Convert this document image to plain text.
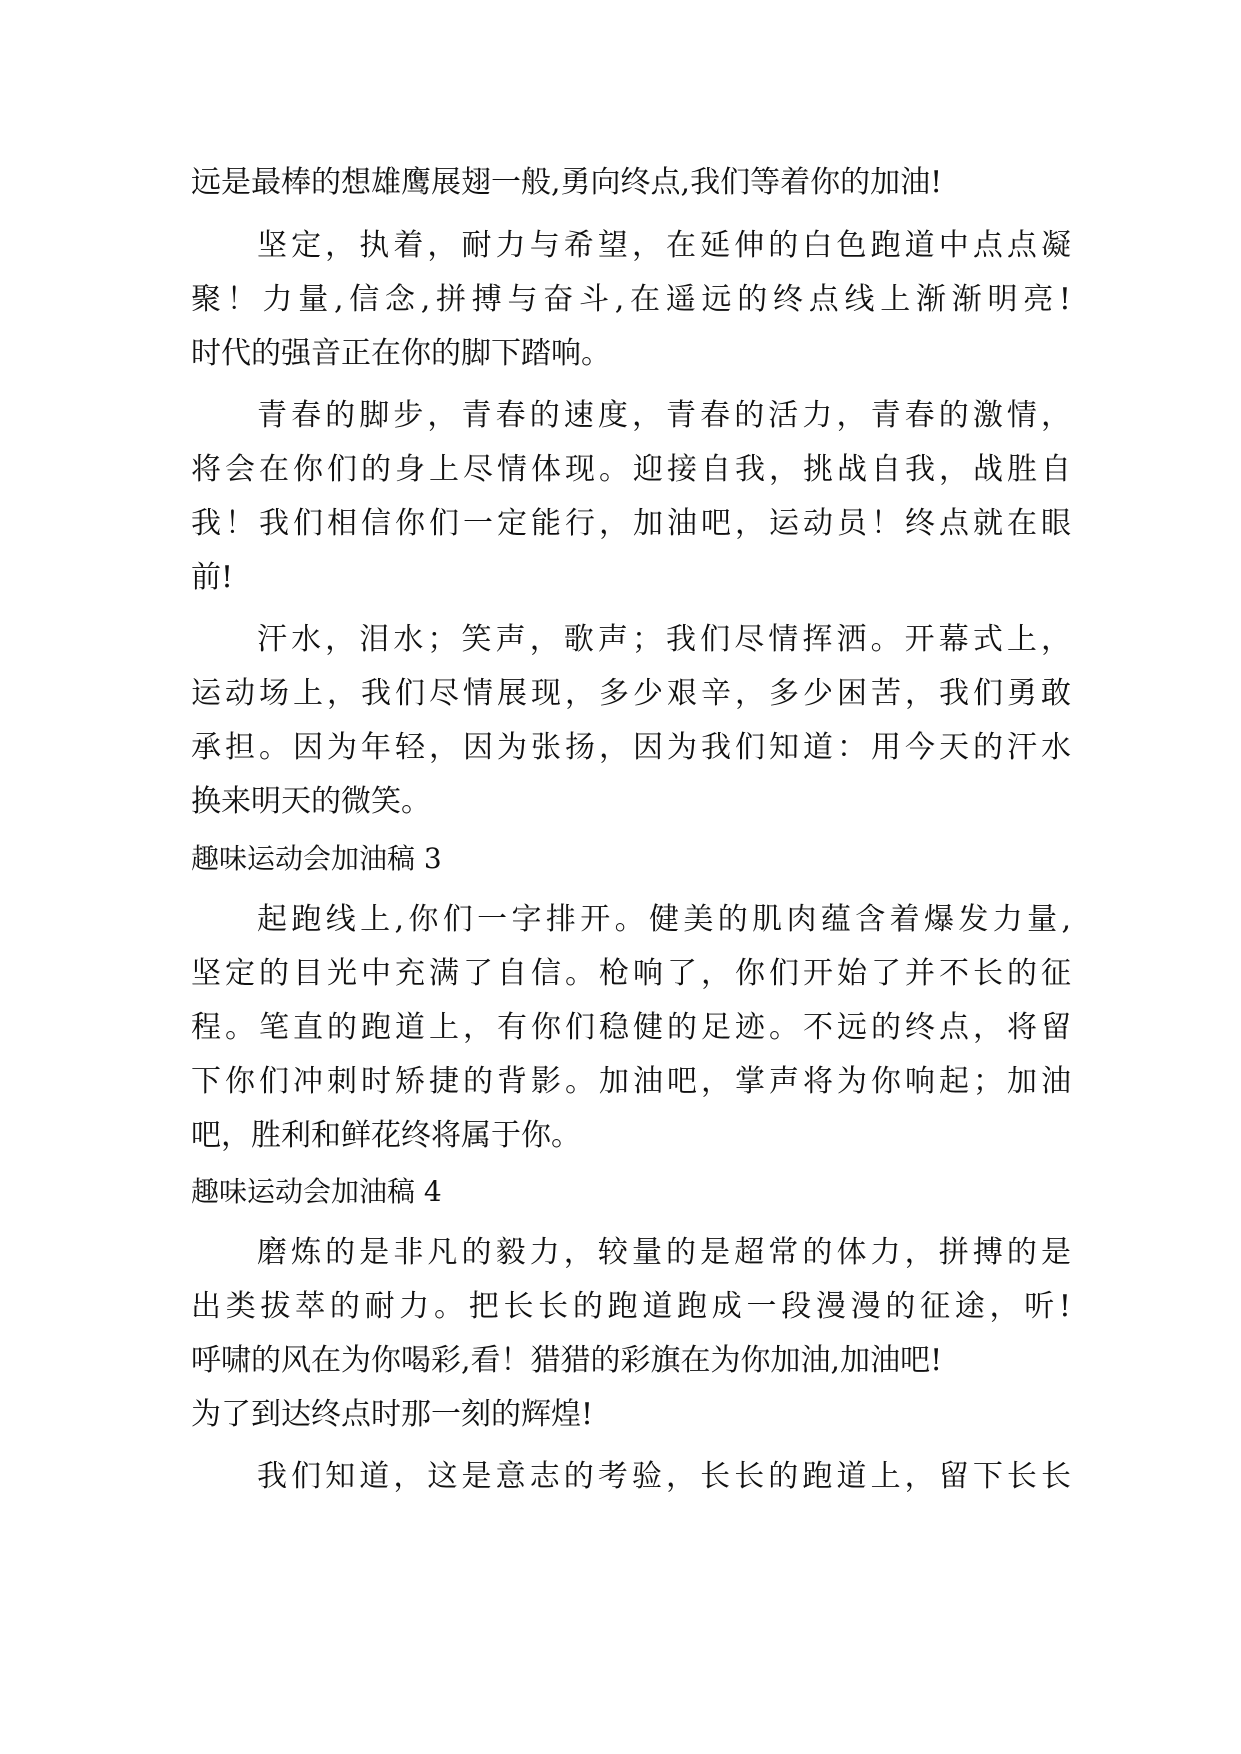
远是最棒的想雄鹰展翅一般,勇向终点,我们等着你的加油!
坚定，执着，耐力与希望，在延伸的白色跑道中点点凝
聚！力量,信念,拼搏与奋斗,在遥远的终点线上渐渐明亮!
时代的强音正在你的脚下踏响。
青春的脚步，青春的速度，青春的活力，青春的激情，
将会在你们的身上尽情体现。迎接自我，挑战自我，战胜自
我！我们相信你们一定能行，加油吧，运动员！终点就在眼
前!
汗水，泪水；笑声，歌声；我们尽情挥洒。开幕式上，
运动场上，我们尽情展现，多少艰辛，多少困苦，我们勇敢
承担。因为年轻，因为张扬，因为我们知道：用今天的汗水
换来明天的微笑。
趣味运动会加油稿 3
起跑线上,你们一字排开。健美的肌肉蕴含着爆发力量,
坚定的目光中充满了自信。枪响了，你们开始了并不长的征
程。笔直的跑道上，有你们稳健的足迹。不远的终点，将留
下你们冲刺时矫捷的背影。加油吧，掌声将为你响起；加油
吧，胜利和鲜花终将属于你。
趣味运动会加油稿 4
磨炼的是非凡的毅力，较量的是超常的体力，拼搏的是
出类拔萃的耐力。把长长的跑道跑成一段漫漫的征途，听!
呼啸的风在为你喝彩,看！猎猎的彩旗在为你加油,加油吧!
为了到达终点时那一刻的辉煌!
我们知道，这是意志的考验，长长的跑道上，留下长长
